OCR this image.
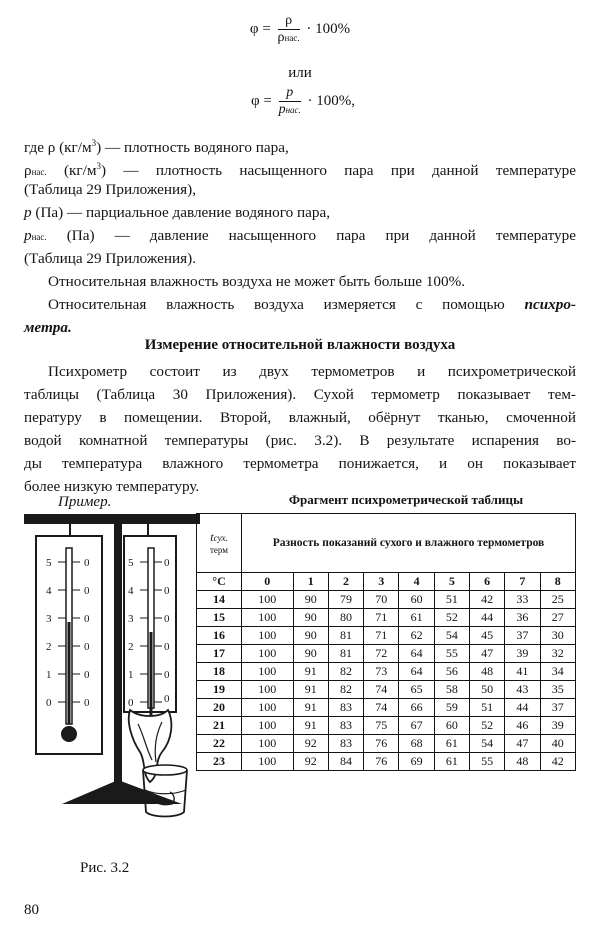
$\varphi = \frac{\rho}{\text{ρнас.}} \cdot 100\%$
или
$\varphi = \frac{p}{\text{pнас.}} \cdot 100\%$,
где ρ $(кг/м^3)$ — плотность водяного пара,
ρнас. $(кг/м^3)$ — плотность насыщенного пара при данной температуре
(Таблица 29 Приложения),
p (Па) — парциальное давление водяного пара,
pнас. (Па) — давление насыщенного пара при данной температуре
(Таблица 29 Приложения).
Относительная влажность воздуха не может быть больше 100%.
Относительная влажность воздуха измеряется с помощью психро-
метра.
Измерение относительной влажности воздуха
Психрометр состоит из двух термометров и психрометрической
таблицы (Таблица 30 Приложения). Сухой термометр показывает тем-
пературу в помещении. Второй, влажный, обёрнут тканью, смоченной
водой комнатной температуры (рис. 3.2). В результате испарения во-
ды температура влажного термометра понижается, и он показывает
более низкую температуру.
Пример.
5
4
3
2
1
0
0
0
0
0
0
0
5
4
3
2
1
0
0
0
0
0
0
0
Рис. 3.2
Фрагмент психрометрической таблицы
tсух.
терм	Разность показаний сухого и влажного термометров								
°C	0	1	2	3	4	5	6	7	8
14	100	90	79	70	60	51	42	33	25
15	100	90	80	71	61	52	44	36	27
16	100	90	81	71	62	54	45	37	30
17	100	90	81	72	64	55	47	39	32
18	100	91	82	73	64	56	48	41	34
19	100	91	82	74	65	58	50	43	35
20	100	91	83	74	66	59	51	44	37
21	100	91	83	75	67	60	52	46	39
22	100	92	83	76	68	61	54	47	40
23	100	92	84	76	69	61	55	48	42
80
